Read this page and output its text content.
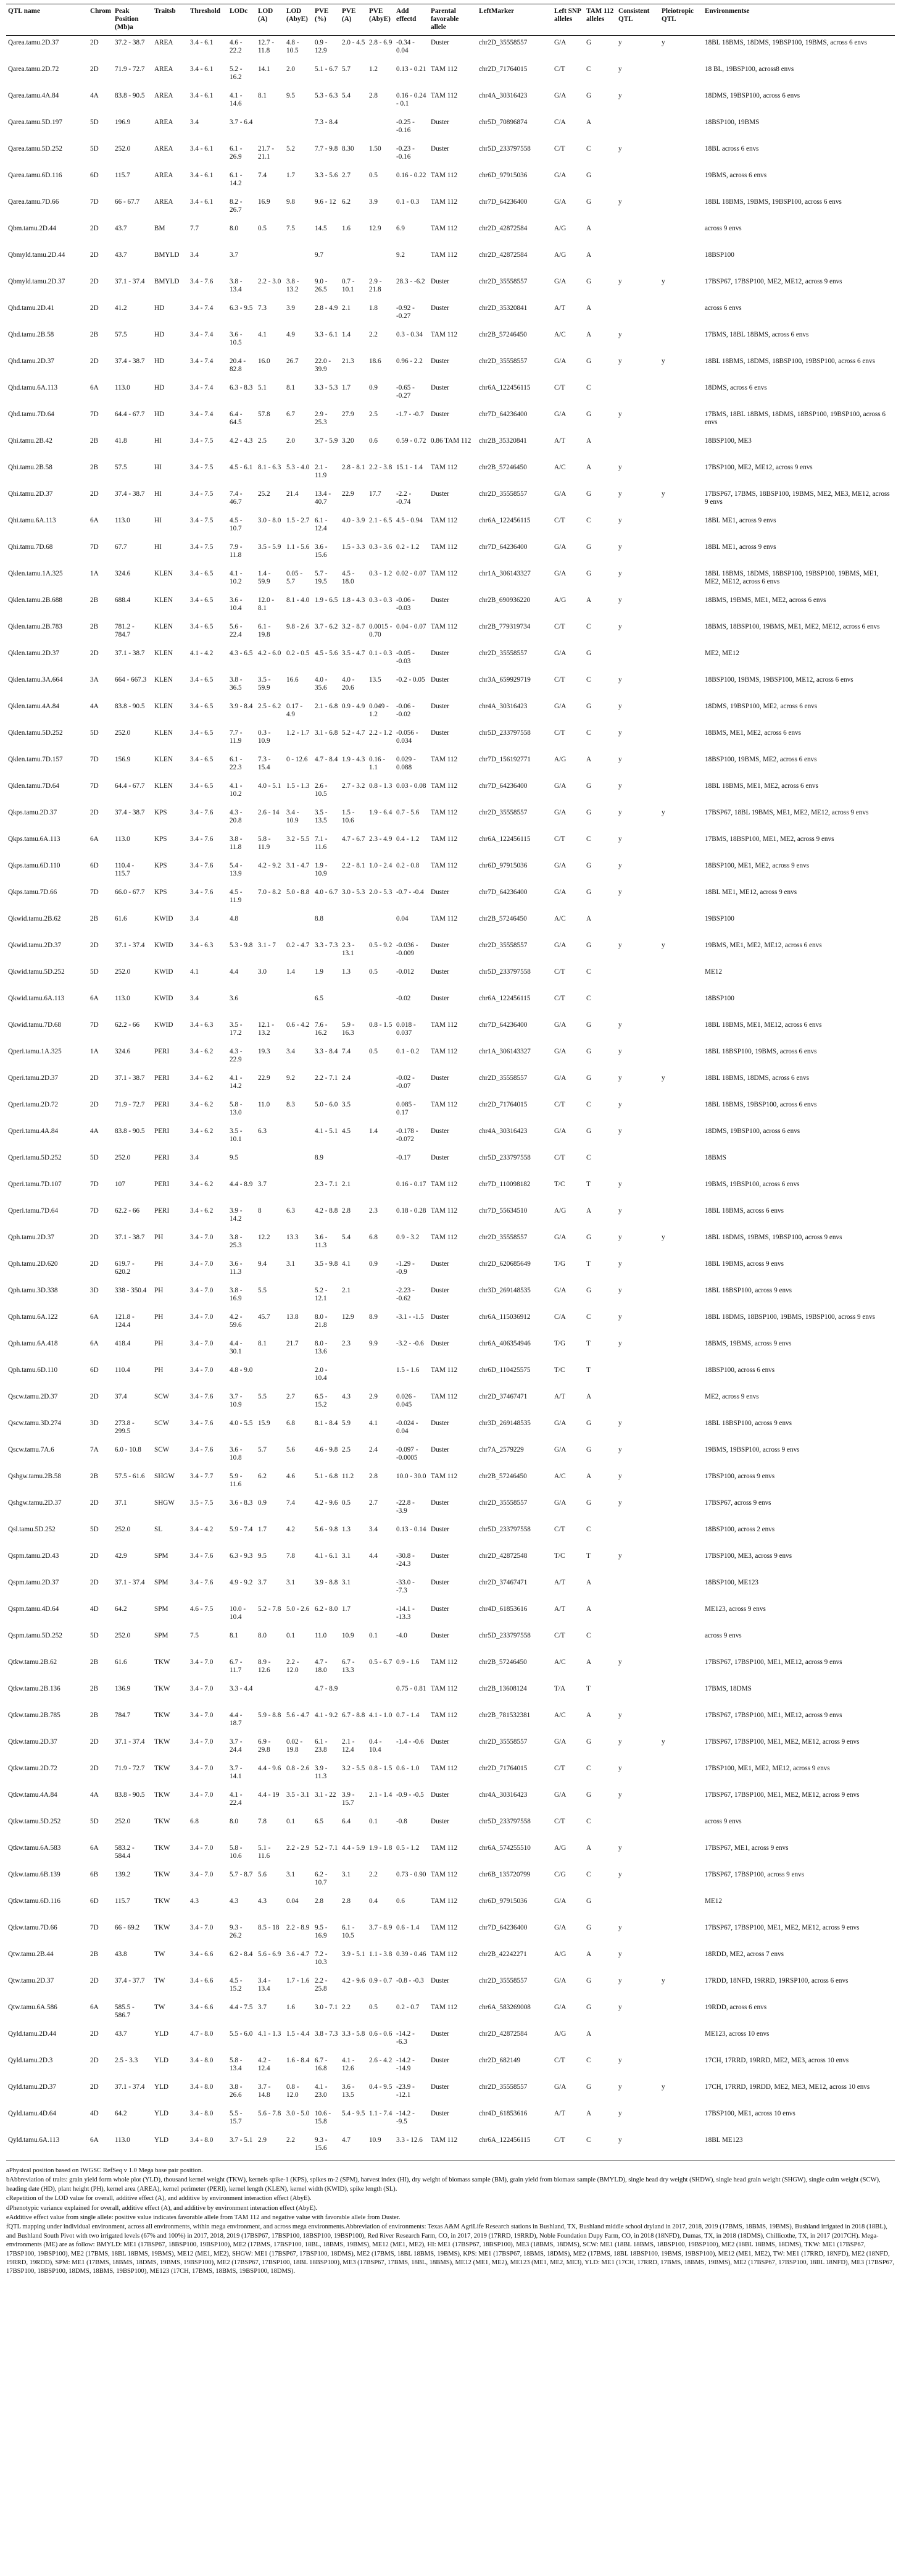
QTL name	Chrom	Peak Position (Mb)a	Traitsb	Threshold	LODc	LOD (A)	LOD (AbyE)	PVE (%)	PVE (A)	PVE (AbyE)	Add effectd	Parental favorable allele	LeftMarker	Left SNP alleles	TAM 112 alleles	Consistent QTL	Pleiotropic QTL	Environmentse
Qarea.tamu.2D.37	2D	37.2 - 38.7	AREA	3.4 - 6.1	4.6 - 22.2	12.7 - 11.8	4.8 - 10.5	0.9 - 12.9	2.0 - 4.5	2.8 - 6.9	-0.34 - 0.04	Duster	chr2D_35558557	G/A	G	y	y	18BL 18BMS, 18DMS, 19BSP100, 19BMS, across 6 envs
Qarea.tamu.2D.72	2D	71.9 - 72.7	AREA	3.4 - 6.1	5.2 - 16.2	14.1	2.0	5.1 - 6.7	5.7	1.2	0.13 - 0.21	TAM 112	chr2D_71764015	C/T	C	y		18 BL, 19BSP100, across8 envs
Qarea.tamu.4A.84	4A	83.8 - 90.5	AREA	3.4 - 6.1	4.1 - 14.6	8.1	9.5	5.3 - 6.3	5.4	2.8	0.16 - 0.24 - 0.1	TAM 112	chr4A_30316423	G/A	G	y		18DMS, 19BSP100, across 6 envs
Qarea.tamu.5D.197	5D	196.9	AREA	3.4	3.7 - 6.4			7.3 - 8.4			-0.25 - -0.16	Duster	chr5D_70896874	C/A	A			18BSP100, 19BMS
Qarea.tamu.5D.252	5D	252.0	AREA	3.4 - 6.1	6.1 - 26.9	21.7 - 21.1	5.2	7.7 - 9.8	8.30	1.50	-0.23 - -0.16	Duster	chr5D_233797558	C/T	C	y		18BL across 6 envs
Qarea.tamu.6D.116	6D	115.7	AREA	3.4 - 6.1	6.1 - 14.2	7.4	1.7	3.3 - 5.6	2.7	0.5	0.16 - 0.22	TAM 112	chr6D_97915036	G/A	G			19BMS, across 6 envs
Qarea.tamu.7D.66	7D	66 - 67.7	AREA	3.4 - 6.1	8.2 - 26.7	16.9	9.8	9.6 - 12	6.2	3.9	0.1 - 0.3	TAM 112	chr7D_64236400	G/A	G	y		18BL 18BMS, 19BMS, 19BSP100, across 6 envs
Qbm.tamu.2D.44	2D	43.7	BM	7.7	8.0	0.5	7.5	14.5	1.6	12.9	6.9	TAM 112	chr2D_42872584	A/G	A			across 9 envs
Qbmyld.tamu.2D.44	2D	43.7	BMYLD	3.4	3.7			9.7			9.2	TAM 112	chr2D_42872584	A/G	A			18BSP100
Qbmyld.tamu.2D.37	2D	37.1 - 37.4	BMYLD	3.4 - 7.6	3.8 - 13.4	2.2 - 3.0	3.8 - 13.2	9.0 - 26.5	0.7 - 10.1	2.9 - 21.8	28.3 - -6.2	Duster	chr2D_35558557	G/A	G	y	y	17BSP67, 17BSP100, ME2, ME12, across 9 envs
Qhd.tamu.2D.41	2D	41.2	HD	3.4 - 7.4	6.3 - 9.5	7.3	3.9	2.8 - 4.9	2.1	1.8	-0.92 - -0.27	Duster	chr2D_35320841	A/T	A			across 6 envs
Qhd.tamu.2B.58	2B	57.5	HD	3.4 - 7.4	3.6 - 10.5	4.1	4.9	3.3 - 6.1	1.4	2.2	0.3 - 0.34	TAM 112	chr2B_57246450	A/C	A	y		17BMS, 18BL 18BMS, across 6 envs
Qhd.tamu.2D.37	2D	37.4 - 38.7	HD	3.4 - 7.4	20.4 - 82.8	16.0	26.7	22.0 - 39.9	21.3	18.6	0.96 - 2.2	Duster	chr2D_35558557	G/A	G	y	y	18BL 18BMS, 18DMS, 18BSP100, 19BSP100, across 6 envs
Qhd.tamu.6A.113	6A	113.0	HD	3.4 - 7.4	6.3 - 8.3	5.1	8.1	3.3 - 5.3	1.7	0.9	-0.65 - -0.27	Duster	chr6A_122456115	C/T	C			18DMS, across 6 envs
Qhd.tamu.7D.64	7D	64.4 - 67.7	HD	3.4 - 7.4	6.4 - 64.5	57.8	6.7	2.9 - 25.3	27.9	2.5	-1.7 - -0.7	Duster	chr7D_64236400	G/A	G	y		17BMS, 18BL 18BMS, 18DMS, 18BSP100, 19BSP100, across 6 envs
Qhi.tamu.2B.42	2B	41.8	HI	3.4 - 7.5	4.2 - 4.3	2.5	2.0	3.7 - 5.9	3.20	0.6	0.59 - 0.72	0.86 TAM 112	chr2B_35320841	A/T	A			18BSP100, ME3
Qhi.tamu.2B.58	2B	57.5	HI	3.4 - 7.5	4.5 - 6.1	8.1 - 6.3	5.3 - 4.0	2.1 - 11.9	2.8 - 8.1	2.2 - 3.8	15.1 - 1.4	TAM 112	chr2B_57246450	A/C	A	y		17BSP100, ME2, ME12, across 9 envs
Qhi.tamu.2D.37	2D	37.4 - 38.7	HI	3.4 - 7.5	7.4 - 46.7	25.2	21.4	13.4 - 40.7	22.9	17.7	-2.2 - -0.74	Duster	chr2D_35558557	G/A	G	y	y	17BSP67, 17BMS, 18BSP100, 19BMS, ME2, ME3, ME12, across 9 envs
Qhi.tamu.6A.113	6A	113.0	HI	3.4 - 7.5	4.5 - 10.7	3.0 - 8.0	1.5 - 2.7	6.1 - 12.4	4.0 - 3.9	2.1 - 6.5	4.5 - 0.94	TAM 112	chr6A_122456115	C/T	C	y		18BL ME1, across 9 envs
Qhi.tamu.7D.68	7D	67.7	HI	3.4 - 7.5	7.9 - 11.8	3.5 - 5.9	1.1 - 5.6	3.6 - 15.6	1.5 - 3.3	0.3 - 3.6	0.2 - 1.2	TAM 112	chr7D_64236400	G/A	G	y		18BL ME1, across 9 envs
Qklen.tamu.1A.325	1A	324.6	KLEN	3.4 - 6.5	4.1 - 10.2	1.4 - 59.9	0.05 - 5.7	5.7 - 19.5	4.5 - 18.0	0.3 - 1.2	0.02 - 0.07	TAM 112	chr1A_306143327	G/A	G	y		18BL 18BMS, 18DMS, 18BSP100, 19BSP100, 19BMS, ME1, ME2, ME12, across 6 envs
Qklen.tamu.2B.688	2B	688.4	KLEN	3.4 - 6.5	3.6 - 10.4	12.0 - 8.1	8.1 - 4.0	1.9 - 6.5	1.8 - 4.3	0.3 - 0.3	-0.06 - -0.03	Duster	chr2B_690936220	A/G	A	y		18BMS, 19BMS, ME1, ME2, across 6 envs
Qklen.tamu.2B.783	2B	781.2 - 784.7	KLEN	3.4 - 6.5	5.6 - 22.4	6.1 - 19.8	9.8 - 2.6	3.7 - 6.2	3.2 - 8.7	0.0015 - 0.70	0.04 - 0.07	TAM 112	chr2B_779319734	C/T	C	y		18BMS, 18BSP100, 19BMS, ME1, ME2, ME12, across 6 envs
Qklen.tamu.2D.37	2D	37.1 - 38.7	KLEN	4.1 - 4.2	4.3 - 6.5	4.2 - 6.0	0.2 - 0.5	4.5 - 5.6	3.5 - 4.7	0.1 - 0.3	-0.05 - -0.03	Duster	chr2D_35558557	G/A	G			ME2, ME12
Qklen.tamu.3A.664	3A	664 - 667.3	KLEN	3.4 - 6.5	3.8 - 36.5	3.5 - 59.9	16.6	4.0 - 35.6	4.0 - 20.6	13.5	-0.2 - 0.05	Duster	chr3A_659929719	C/T	C	y		18BSP100, 19BMS, 19BSP100, ME12, across 6 envs
Qklen.tamu.4A.84	4A	83.8 - 90.5	KLEN	3.4 - 6.5	3.9 - 8.4	2.5 - 6.2	0.17 - 4.9	2.1 - 6.8	0.9 - 4.9	0.049 - 1.2	-0.06 - -0.02	Duster	chr4A_30316423	G/A	G	y		18DMS, 19BSP100, ME2, across 6 envs
Qklen.tamu.5D.252	5D	252.0	KLEN	3.4 - 6.5	7.7 - 11.9	0.3 - 10.9	1.2 - 1.7	3.1 - 6.8	5.2 - 4.7	2.2 - 1.2	-0.056 - 0.034	Duster	chr5D_233797558	C/T	C	y		18BMS, ME1, ME2, across 6 envs
Qklen.tamu.7D.157	7D	156.9	KLEN	3.4 - 6.5	6.1 - 22.3	7.3 - 15.4	0 - 12.6	4.7 - 8.4	1.9 - 4.3	0.16 - 1.1	0.029 - 0.088	TAM 112	chr7D_156192771	A/G	A	y		18BSP100, 19BMS, ME2, across 6 envs
Qklen.tamu.7D.64	7D	64.4 - 67.7	KLEN	3.4 - 6.5	4.1 - 10.2	4.0 - 5.1	1.5 - 1.3	2.6 - 10.5	2.7 - 3.2	0.8 - 1.3	0.03 - 0.08	TAM 112	chr7D_64236400	G/A	G	y		18BL 18BMS, ME1, ME2, across 6 envs
Qkps.tamu.2D.37	2D	37.4 - 38.7	KPS	3.4 - 7.6	4.3 - 20.8	2.6 - 14	3.4 - 10.9	3.5 - 13.5	1.5 - 10.6	1.9 - 6.4	0.7 - 5.6	TAM 112	chr2D_35558557	G/A	G	y	y	17BSP67, 18BL 19BMS, ME1, ME2, ME12, across 9 envs
Qkps.tamu.6A.113	6A	113.0	KPS	3.4 - 7.6	3.8 - 11.8	5.8 - 11.9	3.2 - 5.5	7.1 - 11.6	4.7 - 6.7	2.3 - 4.9	0.4 - 1.2	TAM 112	chr6A_122456115	C/T	C	y		17BMS, 18BSP100, ME1, ME2, across 9 envs
Qkps.tamu.6D.110	6D	110.4 - 115.7	KPS	3.4 - 7.6	5.4 - 13.9	4.2 - 9.2	3.1 - 4.7	1.9 - 10.9	2.2 - 8.1	1.0 - 2.4	0.2 - 0.8	TAM 112	chr6D_97915036	G/A	G	y		18BSP100, ME1, ME2, across 9 envs
Qkps.tamu.7D.66	7D	66.0 - 67.7	KPS	3.4 - 7.6	4.5 - 11.9	7.0 - 8.2	5.0 - 8.8	4.0 - 6.7	3.0 - 5.3	2.0 - 5.3	-0.7 - -0.4	Duster	chr7D_64236400	G/A	G	y		18BL ME1, ME12, across 9 envs
Qkwid.tamu.2B.62	2B	61.6	KWID	3.4	4.8			8.8			0.04	TAM 112	chr2B_57246450	A/C	A			19BSP100
Qkwid.tamu.2D.37	2D	37.1 - 37.4	KWID	3.4 - 6.3	5.3 - 9.8	3.1 - 7	0.2 - 4.7	3.3 - 7.3	2.3 - 13.1	0.5 - 9.2	-0.036 - -0.009	Duster	chr2D_35558557	G/A	G	y	y	19BMS, ME1, ME2, ME12, across 6 envs
Qkwid.tamu.5D.252	5D	252.0	KWID	4.1	4.4	3.0	1.4	1.9	1.3	0.5	-0.012	Duster	chr5D_233797558	C/T	C			ME12
Qkwid.tamu.6A.113	6A	113.0	KWID	3.4	3.6			6.5			-0.02	Duster	chr6A_122456115	C/T	C			18BSP100
Qkwid.tamu.7D.68	7D	62.2 - 66	KWID	3.4 - 6.3	3.5 - 17.2	12.1 - 13.2	0.6 - 4.2	7.6 - 16.2	5.9 - 16.3	0.8 - 1.5	0.018 - 0.037	TAM 112	chr7D_64236400	G/A	G	y		18BL 18BMS, ME1, ME12, across 6 envs
Qperi.tamu.1A.325	1A	324.6	PERI	3.4 - 6.2	4.3 - 22.9	19.3	3.4	3.3 - 8.4	7.4	0.5	0.1 - 0.2	TAM 112	chr1A_306143327	G/A	G	y		18BL 18BSP100, 19BMS, across 6 envs
Qperi.tamu.2D.37	2D	37.1 - 38.7	PERI	3.4 - 6.2	4.1 - 14.2	22.9	9.2	2.2 - 7.1	2.4		-0.02 - -0.07	Duster	chr2D_35558557	G/A	G	y	y	18BL 18BMS, 18DMS, across 6 envs
Qperi.tamu.2D.72	2D	71.9 - 72.7	PERI	3.4 - 6.2	5.8 - 13.0	11.0	8.3	5.0 - 6.0	3.5		0.085 - 0.17	TAM 112	chr2D_71764015	C/T	C	y		18BL 18BMS, 19BSP100, across 6 envs
Qperi.tamu.4A.84	4A	83.8 - 90.5	PERI	3.4 - 6.2	3.5 - 10.1	6.3		4.1 - 5.1	4.5	1.4	-0.178 - -0.072	Duster	chr4A_30316423	G/A	G	y		18DMS, 19BSP100, across 6 envs
Qperi.tamu.5D.252	5D	252.0	PERI	3.4	9.5			8.9			-0.17	Duster	chr5D_233797558	C/T	C			18BMS
Qperi.tamu.7D.107	7D	107	PERI	3.4 - 6.2	4.4 - 8.9	3.7		2.3 - 7.1	2.1		0.16 - 0.17	TAM 112	chr7D_110098182	T/C	T	y		19BMS, 19BSP100, across 6 envs
Qperi.tamu.7D.64	7D	62.2 - 66	PERI	3.4 - 6.2	3.9 - 14.2	8	6.3	4.2 - 8.8	2.8	2.3	0.18 - 0.28	TAM 112	chr7D_55634510	A/G	A	y		18BL 18BMS, across 6 envs
Qph.tamu.2D.37	2D	37.1 - 38.7	PH	3.4 - 7.0	3.8 - 25.3	12.2	13.3	3.6 - 11.3	5.4	6.8	0.9 - 3.2	TAM 112	chr2D_35558557	G/A	G	y	y	18BL 18DMS, 19BMS, 19BSP100, across 9 envs
Qph.tamu.2D.620	2D	619.7 - 620.2	PH	3.4 - 7.0	3.6 - 11.3	9.4	3.1	3.5 - 9.8	4.1	0.9	-1.29 - -0.9	Duster	chr2D_620685649	T/G	T	y		18BL 19BMS, across 9 envs
Qph.tamu.3D.338	3D	338 - 350.4	PH	3.4 - 7.0	3.8 - 16.9	5.5		5.2 - 12.1	2.1		-2.23 - -0.62	Duster	chr3D_269148535	G/A	G	y		18BL 18BSP100, across 9 envs
Qph.tamu.6A.122	6A	121.8 - 124.4	PH	3.4 - 7.0	4.2 - 59.6	45.7	13.8	8.0 - 21.8	12.9	8.9	-3.1 - -1.5	Duster	chr6A_115036912	C/A	C	y		18BL 18DMS, 18BSP100, 19BMS, 19BSP100, across 9 envs
Qph.tamu.6A.418	6A	418.4	PH	3.4 - 7.0	4.4 - 30.1	8.1	21.7	8.0 - 13.6	2.3	9.9	-3.2 - -0.6	Duster	chr6A_406354946	T/G	T	y		18BMS, 19BMS, across 9 envs
Qph.tamu.6D.110	6D	110.4	PH	3.4 - 7.0	4.8 - 9.0			2.0 - 10.4			1.5 - 1.6	TAM 112	chr6D_110425575	T/C	T			18BSP100, across 6 envs
Qscw.tamu.2D.37	2D	37.4	SCW	3.4 - 7.6	3.7 - 10.9	5.5	2.7	6.5 - 15.2	4.3	2.9	0.026 - 0.045	TAM 112	chr2D_37467471	A/T	A			ME2, across 9 envs
Qscw.tamu.3D.274	3D	273.8 - 299.5	SCW	3.4 - 7.6	4.0 - 5.5	15.9	6.8	8.1 - 8.4	5.9	4.1	-0.024 - 0.04	Duster	chr3D_269148535	G/A	G	y		18BL 18BSP100, across 9 envs
Qscw.tamu.7A.6	7A	6.0 - 10.8	SCW	3.4 - 7.6	3.6 - 10.8	5.7	5.6	4.6 - 9.8	2.5	2.4	-0.097 - -0.0005	Duster	chr7A_2579229	G/A	G	y		19BMS, 19BSP100, across 9 envs
Qshgw.tamu.2B.58	2B	57.5 - 61.6	SHGW	3.4 - 7.7	5.9 - 11.6	6.2	4.6	5.1 - 6.8	11.2	2.8	10.0 - 30.0	TAM 112	chr2B_57246450	A/C	A	y		17BSP100, across 9 envs
Qshgw.tamu.2D.37	2D	37.1	SHGW	3.5 - 7.5	3.6 - 8.3	0.9	7.4	4.2 - 9.6	0.5	2.7	-22.8 - -3.9	Duster	chr2D_35558557	G/A	G	y		17BSP67, across 9 envs
Qsl.tamu.5D.252	5D	252.0	SL	3.4 - 4.2	5.9 - 7.4	1.7	4.2	5.6 - 9.8	1.3	3.4	0.13 - 0.14	Duster	chr5D_233797558	C/T	C			18BSP100, across 2 envs
Qspm.tamu.2D.43	2D	42.9	SPM	3.4 - 7.6	6.3 - 9.3	9.5	7.8	4.1 - 6.1	3.1	4.4	-30.8 - -24.3	Duster	chr2D_42872548	T/C	T	y		17BSP100, ME3, across 9 envs
Qspm.tamu.2D.37	2D	37.1 - 37.4	SPM	3.4 - 7.6	4.9 - 9.2	3.7	3.1	3.9 - 8.8	3.1		-33.0 - -7.3	Duster	chr2D_37467471	A/T	A			18BSP100, ME123
Qspm.tamu.4D.64	4D	64.2	SPM	4.6 - 7.5	10.0 - 10.4	5.2 - 7.8	5.0 - 2.6	6.2 - 8.0	1.7		-14.1 - -13.3	Duster	chr4D_61853616	A/T	A			ME123, across 9 envs
Qspm.tamu.5D.252	5D	252.0	SPM	7.5	8.1	8.0	0.1	11.0	10.9	0.1	-4.0	Duster	chr5D_233797558	C/T	C			across 9 envs
Qtkw.tamu.2B.62	2B	61.6	TKW	3.4 - 7.0	6.7 - 11.7	8.9 - 12.6	2.2 - 12.0	4.7 - 18.0	6.7 - 13.3	0.5 - 6.7	0.9 - 1.6	TAM 112	chr2B_57246450	A/C	A	y		17BSP67, 17BSP100, ME1, ME12, across 9 envs
Qtkw.tamu.2B.136	2B	136.9	TKW	3.4 - 7.0	3.3 - 4.4			4.7 - 8.9			0.75 - 0.81	TAM 112	chr2B_13608124	T/A	T			17BMS, 18DMS
Qtkw.tamu.2B.785	2B	784.7	TKW	3.4 - 7.0	4.4 - 18.7	5.9 - 8.8	5.6 - 4.7	4.1 - 9.2	6.7 - 8.8	4.1 - 1.0	0.7 - 1.4	TAM 112	chr2B_781532381	A/C	A	y		17BSP67, 17BSP100, ME1, ME12, across 9 envs
Qtkw.tamu.2D.37	2D	37.1 - 37.4	TKW	3.4 - 7.0	3.7 - 24.4	6.9 - 29.8	0.02 - 19.8	6.1 - 23.8	2.1 - 12.4	0.4 - 10.4	-1.4 - -0.6	Duster	chr2D_35558557	G/A	G	y	y	17BSP67, 17BSP100, ME1, ME2, ME12, across 9 envs
Qtkw.tamu.2D.72	2D	71.9 - 72.7	TKW	3.4 - 7.0	3.7 - 14.1	4.4 - 9.6	0.8 - 2.6	3.9 - 11.3	3.2 - 5.5	0.8 - 1.5	0.6 - 1.0	TAM 112	chr2D_71764015	C/T	C	y		17BSP100, ME1, ME2, ME12, across 9 envs
Qtkw.tamu.4A.84	4A	83.8 - 90.5	TKW	3.4 - 7.0	4.1 - 22.4	4.4 - 19	3.5 - 3.1	3.1 - 22	3.9 - 15.7	2.1 - 1.4	-0.9 - -0.5	Duster	chr4A_30316423	G/A	G	y		17BSP67, 17BSP100, ME1, ME2, ME12, across 9 envs
Qtkw.tamu.5D.252	5D	252.0	TKW	6.8	8.0	7.8	0.1	6.5	6.4	0.1	-0.8	Duster	chr5D_233797558	C/T	C			across 9 envs
Qtkw.tamu.6A.583	6A	583.2 - 584.4	TKW	3.4 - 7.0	5.8 - 10.6	5.1 - 11.6	2.2 - 2.9	5.2 - 7.1	4.4 - 5.9	1.9 - 1.8	0.5 - 1.2	TAM 112	chr6A_574255510	A/G	A	y		17BSP67, ME1, across 9 envs
Qtkw.tamu.6B.139	6B	139.2	TKW	3.4 - 7.0	5.7 - 8.7	5.6	3.1	6.2 - 10.7	3.1	2.2	0.73 - 0.90	TAM 112	chr6B_135720799	C/G	C	y		17BSP67, 17BSP100, across 9 envs
Qtkw.tamu.6D.116	6D	115.7	TKW	4.3	4.3	4.3	0.04	2.8	2.8	0.4	0.6	TAM 112	chr6D_97915036	G/A	G			ME12
Qtkw.tamu.7D.66	7D	66 - 69.2	TKW	3.4 - 7.0	9.3 - 26.2	8.5 - 18	2.2 - 8.9	9.5 - 16.9	6.1 - 10.5	3.7 - 8.9	0.6 - 1.4	TAM 112	chr7D_64236400	G/A	G	y		17BSP67, 17BSP100, ME1, ME2, ME12, across 9 envs
Qtw.tamu.2B.44	2B	43.8	TW	3.4 - 6.6	6.2 - 8.4	5.6 - 6.9	3.6 - 4.7	7.2 - 10.3	3.9 - 5.1	1.1 - 3.8	0.39 - 0.46	TAM 112	chr2B_42242271	A/G	A	y		18RDD, ME2, across 7 envs
Qtw.tamu.2D.37	2D	37.4 - 37.7	TW	3.4 - 6.6	4.5 - 15.2	3.4 - 13.4	1.7 - 1.6	2.2 - 25.8	4.2 - 9.6	0.9 - 0.7	-0.8 - -0.3	Duster	chr2D_35558557	G/A	G	y	y	17RDD, 18NFD, 19RRD, 19RSP100, across 6 envs
Qtw.tamu.6A.586	6A	585.5 - 586.7	TW	3.4 - 6.6	4.4 - 7.5	3.7	1.6	3.0 - 7.1	2.2	0.5	0.2 - 0.7	TAM 112	chr6A_583269008	G/A	G	y		19RDD, across 6 envs
Qyld.tamu.2D.44	2D	43.7	YLD	4.7 - 8.0	5.5 - 6.0	4.1 - 1.3	1.5 - 4.4	3.8 - 7.3	3.3 - 5.8	0.6 - 0.6	-14.2 - -6.3	Duster	chr2D_42872584	A/G	A			ME123, across 10 envs
Qyld.tamu.2D.3	2D	2.5 - 3.3	YLD	3.4 - 8.0	5.8 - 13.4	4.2 - 12.4	1.6 - 8.4	6.7 - 16.8	4.1 - 12.6	2.6 - 4.2	-14.2 - -14.9	Duster	chr2D_682149	C/T	C	y		17CH, 17RRD, 19RRD, ME2, ME3, across 10 envs
Qyld.tamu.2D.37	2D	37.1 - 37.4	YLD	3.4 - 8.0	3.8 - 26.6	3.7 - 14.8	0.8 - 12.0	4.1 - 23.0	3.6 - 13.5	0.4 - 9.5	-23.9 - -12.1	Duster	chr2D_35558557	G/A	G	y	y	17CH, 17RRD, 19RDD, ME2, ME3, ME12, across 10 envs
Qyld.tamu.4D.64	4D	64.2	YLD	3.4 - 8.0	5.5 - 15.7	5.6 - 7.8	3.0 - 5.0	10.6 - 15.8	5.4 - 9.5	1.1 - 7.4	-14.2 - -9.5	Duster	chr4D_61853616	A/T	A	y		17BSP100, ME1, across 10 envs
Qyld.tamu.6A.113	6A	113.0	YLD	3.4 - 8.0	3.7 - 5.1	2.9	2.2	9.3 - 15.6	4.7	10.9	3.3 - 12.6	TAM 112	chr6A_122456115	C/T	C	y		18BL ME123

aPhysical position based on IWGSC RefSeq v 1.0 Mega base pair position.

bAbbreviation of traits: grain yield form whole plot (YLD), thousand kernel weight (TKW), kernels spike-1 (KPS), spikes m-2 (SPM), harvest index (HI), dry weight of biomass sample (BM), grain yield from biomass sample (BMYLD), single head dry weight (SHDW), single head grain weight (SHGW), single culm weight (SCW), heading date (HD), plant height (PH), kernel area (AREA), kernel perimeter (PERI), kernel length (KLEN), kernel width (KWID), spike length (SL).

cRepetition of the LOD value for overall, additive effect (A), and additive by environment interaction effect (AbyE).

dPhenotypic variance explained for overall, additive effect (A), and additive by environment interaction effect (AbyE).

eAdditive effect value from single allele: positive value indicates favorable allele from TAM 112 and negative value with favorable allele from Duster.

fQTL mapping under individual environment, across all environments, within mega environment, and across mega environments.Abbreviation of environments: Texas A&M AgriLife Research stations in Bushland, TX, Bushland middle school dryland in 2017, 2018, 2019 (17BMS, 18BMS, 19BMS), Bushland irrigated in 2018 (18BL), and Bushland South Pivot with two irrigated levels (67% and 100%) in 2017, 2018, 2019 (17BSP67, 17BSP100, 18BSP100, 19BSP100), Red River Research Farm, CO, in 2017, 2019 (17RRD, 19RRD), Noble Foundation Dupy Farm, CO, in 2018 (18NFD), Dumas, TX, in 2018 (18DMS), Chillicothe, TX, in 2017 (2017CH). Mega-environments (ME) are as follow: BMYLD: ME1 (17BSP67, 18BSP100, 19BSP100), ME2 (17BMS, 17BSP100, 18BL, 18BMS, 19BMS), ME12 (ME1, ME2), HI: ME1 (17BSP67, 18BSP100), ME3 (18BMS, 18DMS), SCW: ME1 (18BL 18BMS, 18BSP100, 19BSP100), ME2 (18BL 18BMS, 18DMS), TKW: ME1 (17BSP67, 17BSP100, 19BSP100), ME2 (17BMS, 18BL 18BMS, 19BMS), ME12 (ME1, ME2), SHGW: ME1 (17BSP67, 17BSP100, 18DMS), ME2 (17BMS, 18BL 18BMS, 19BMS), KPS: ME1 (17BSP67, 18BMS, 18DMS), ME2 (17BMS, 18BL 18BSP100, 19BMS, 19BSP100), ME12 (ME1, ME2), TW: ME1 (17RRD, 18NFD), ME2 (18NFD, 19RRD, 19RDD), SPM: ME1 (17BMS, 18BMS, 18DMS, 19BMS, 19BSP100), ME2 (17BSP67, 17BSP100, 18BL 18BSP100), ME3 (17BSP67, 17BMS, 18BL, 18BMS), ME12 (ME1, ME2), ME123 (ME1, ME2, ME3), YLD: ME1 (17CH, 17RRD, 17BMS, 18BMS, 19BMS), ME2 (17BSP67, 17BSP100, 18BL 18NFD), ME3 (17BSP67, 17BSP100, 18BSP100, 18DMS, 18BMS, 19BSP100), ME123 (17CH, 17BMS, 18BMS, 19BSP100, 18DMS).
